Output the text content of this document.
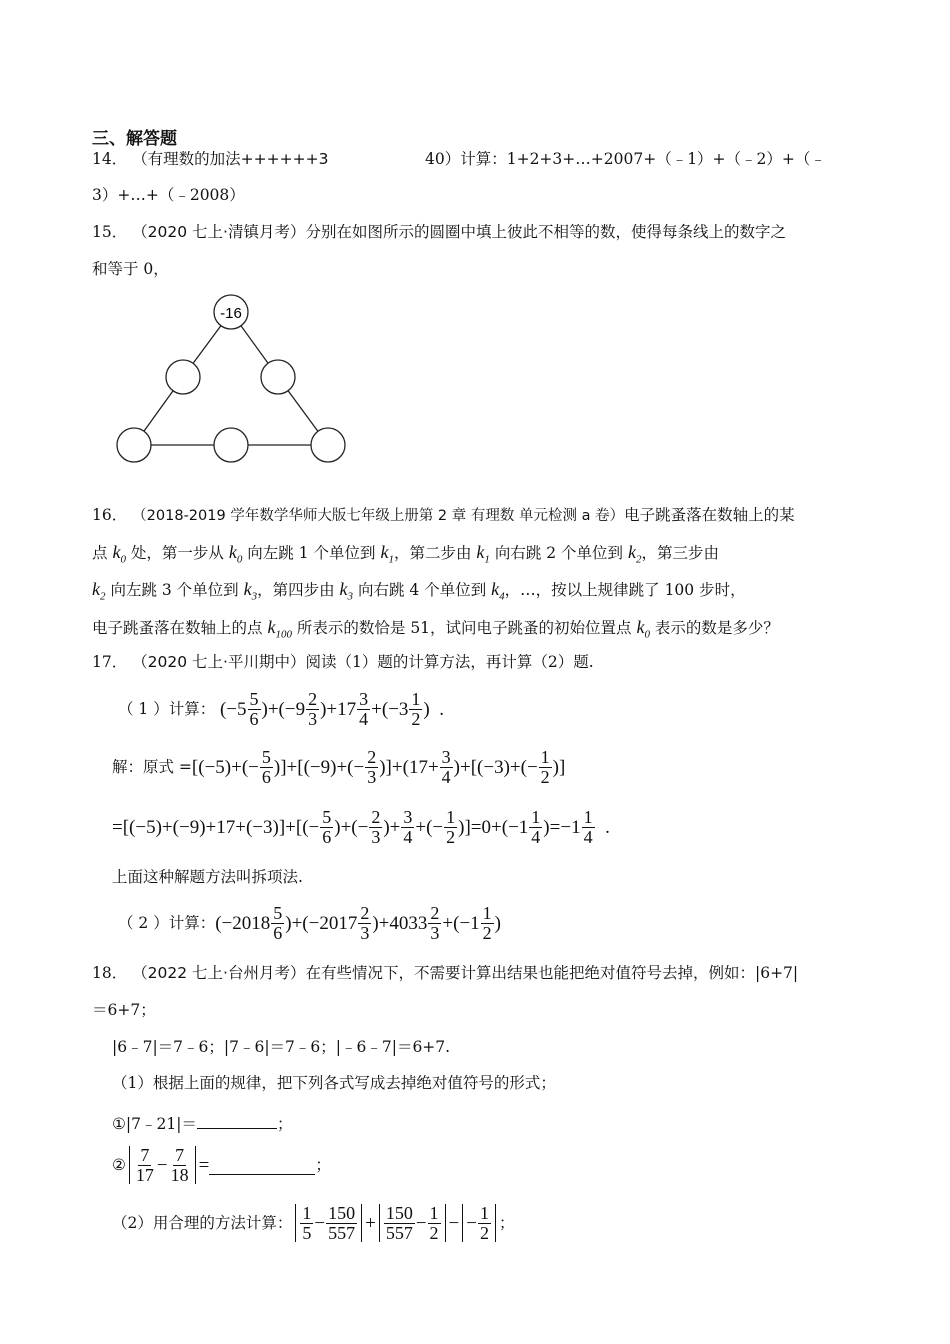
三、解答题
14． （有理数的加法++++++3	40）计算：1+2+3+…+2007+（﹣1）+（﹣2）+（﹣
3）+…+（﹣2008）
15． （2020 七上·清镇月考）分别在如图所示的圆圈中填上彼此不相等的数，使得每条线上的数字之
和等于 0，
-16
16． （2018-2019 学年数学华师大版七年级上册第 2 章 有理数 单元检测 a 卷）电子跳蚤落在数轴上的某
点 $k_0$ 处，第一步从 $k_0$ 向左跳 1 个单位到 $k_1$，第二步由 $k_1$ 向右跳 2 个单位到 $k_2$，第三步由
$k_2$ 向左跳 3 个单位到 $k_3$，第四步由 $k_3$ 向右跳 4 个单位到 $k_4$，…，按以上规律跳了 100 步时，
电子跳蚤落在数轴上的点 $k_{100}$ 所表示的数恰是 51，试问电子跳蚤的初始位置点 $k_0$ 表示的数是多少？
17． （2020 七上·平川期中）阅读（1）题的计算方法，再计算（2）题.
（ 1 ）计算： (− $5 \frac{5}{6}$ )+(− $9 \frac{2}{3}$ )+ $17 \frac{3}{4}$ +(− $3 \frac{1}{2}$ ) .
解：原式 = [(− 5 )+(− $\frac{5}{6}$ )]+[(− 9 )+(− $\frac{2}{3}$ )]+( $17 + \frac{3}{4}$ )+[(− 3 )+(− $\frac{1}{2}$ )]
=[(− 5 )+(− 9 )+ 17 +(− 3 )]+[(− $\frac{5}{6}$ )+(− $\frac{2}{3}$ )+ $\frac{3}{4}$ +(− $\frac{1}{2}$ )]= 0 +(− $1 \frac{1}{4}$ )=− $1 \frac{1}{4}$
.
上面这种解题方法叫拆项法.
（ 2 ）计算： (− $2018 \frac{5}{6}$ )+(− $2017 \frac{2}{3}$ )+ $4033 \frac{2}{3}$ +(− $1 \frac{1}{2}$ )
18． （2022 七上·台州月考）在有些情况下，不需要计算出结果也能把绝对值符号去掉，例如：|6+7|
＝6+7；
|6﹣7|＝7﹣6；|7﹣6|＝7﹣6；|﹣6﹣7|＝6+7.
（1）根据上面的规律，把下列各式写成去掉绝对值符号的形式；
①|7﹣21|＝	；
② $\frac{7}{17} - \frac{7}{18}$ =	；
（2）用合理的方法计算： $\frac{1}{5} - \frac{150}{557} + \frac{150}{557} - \frac{1}{2}$ − − $\frac{1}{2}$ ；
